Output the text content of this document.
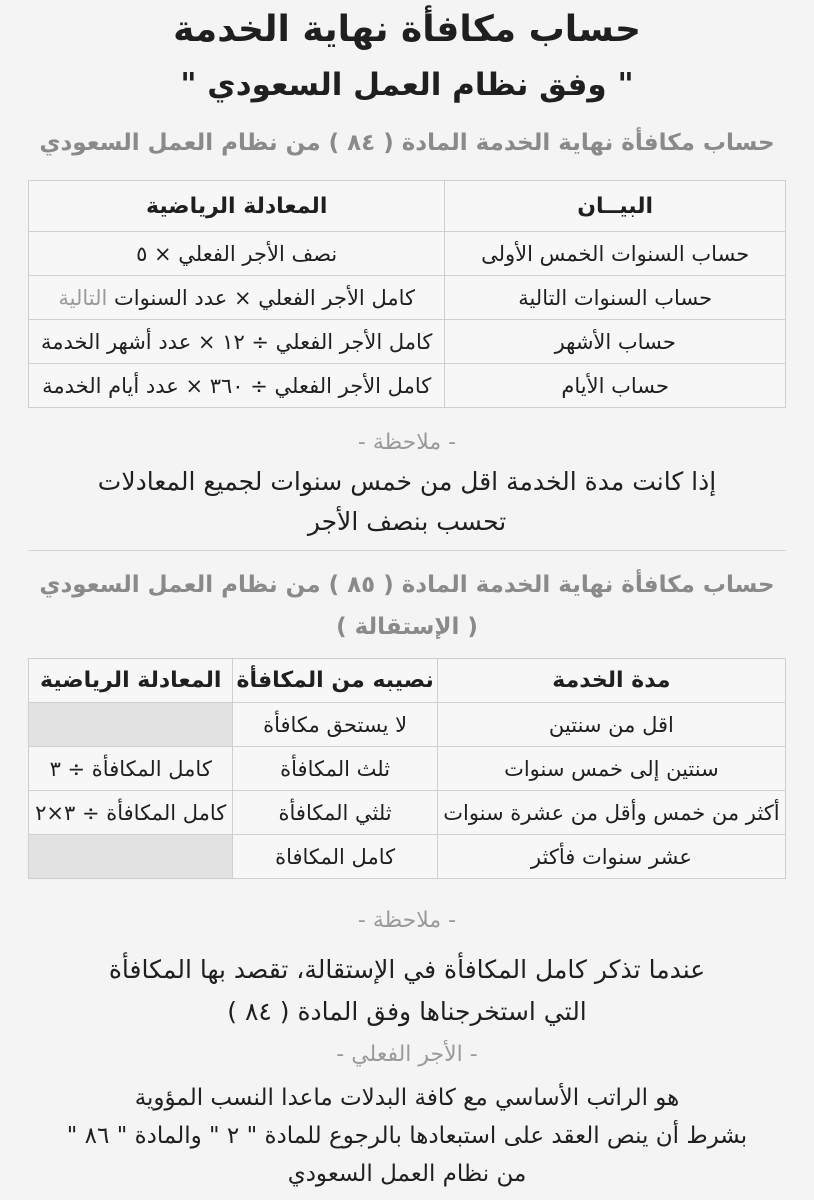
حساب مكافأة نهاية الخدمة
" وفق نظام العمل السعودي "
حساب مكافأة نهاية الخدمة المادة ( ٨٤ ) من نظام العمل السعودي
البيــان	المعادلة الرياضية
حساب السنوات الخمس الأولى	نصف الأجر الفعلي × ٥
حساب السنوات التالية	كامل الأجر الفعلي × عدد السنوات التالية
حساب الأشهر	كامل الأجر الفعلي ÷ ١٢ × عدد أشهر الخدمة
حساب الأيام	كامل الأجر الفعلي ÷ ٣٦٠ × عدد أيام الخدمة
- ملاحظة -
إذا كانت مدة الخدمة اقل من خمس سنوات لجميع المعادلات
تحسب بنصف الأجر
حساب مكافأة نهاية الخدمة المادة ( ٨٥ ) من نظام العمل السعودي
( الإستقالة )
مدة الخدمة	نصيبه من المكافأة	المعادلة الرياضية
اقل من سنتين	لا يستحق مكافأة	
سنتين إلى خمس سنوات	ثلث المكافأة	كامل المكافأة ÷ ٣
أكثر من خمس وأقل من عشرة سنوات	ثلثي المكافأة	كامل المكافأة ÷ ٣×٢
عشر سنوات فأكثر	كامل المكافاة	
- ملاحظة -
عندما تذكر كامل المكافأة في الإستقالة، تقصد بها المكافأة
التي استخرجناها وفق المادة ( ٨٤ )
- الأجر الفعلي -
هو الراتب الأساسي مع كافة البدلات ماعدا النسب المؤوية
بشرط أن ينص العقد على استبعادها بالرجوع للمادة " ٢ " والمادة " ٨٦ "
من نظام العمل السعودي
